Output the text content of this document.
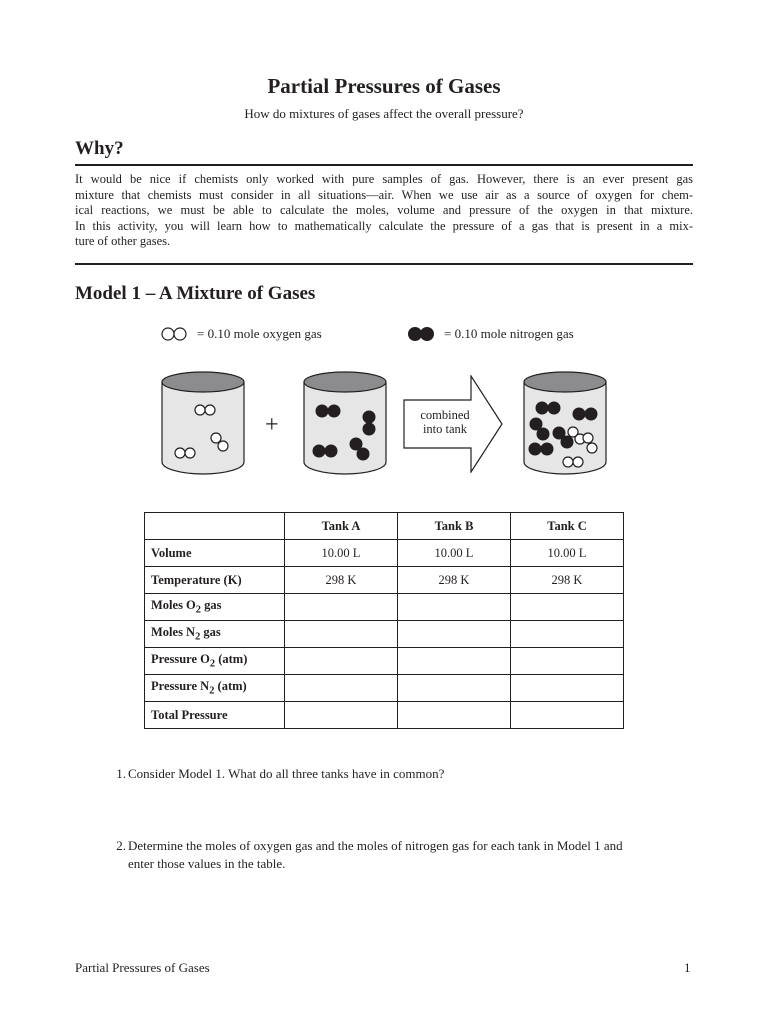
Partial Pressures of Gases
How do mixtures of gases affect the overall pressure?
Why?
It would be nice if chemists only worked with pure samples of gas. However, there is an ever present gas
mixture that chemists must consider in all situations—air. When we use air as a source of oxygen for chem-
ical reactions, we must be able to calculate the moles, volume and pressure of the oxygen in that mixture.
In this activity, you will learn how to mathematically calculate the pressure of a gas that is present in a mix-
ture of other gases.
Model 1 – A Mixture of Gases
= 0.10 mole oxygen gas	= 0.10 mole nitrogen gas
+	combined
into tank
	Tank A	Tank B	Tank C
Volume	10.00 L	10.00 L	10.00 L
Temperature (K)	298 K	298 K	298 K
Moles $O_2$ gas			
Moles $N_2$ gas			
Pressure $O_2$ (atm)			
Pressure $N_2$ (atm)			
Total Pressure			
1. Consider Model 1. What do all three tanks have in common?
2. Determine the moles of oxygen gas and the moles of nitrogen gas for each tank in Model 1 and
enter those values in the table.
Partial Pressures of Gases	1
